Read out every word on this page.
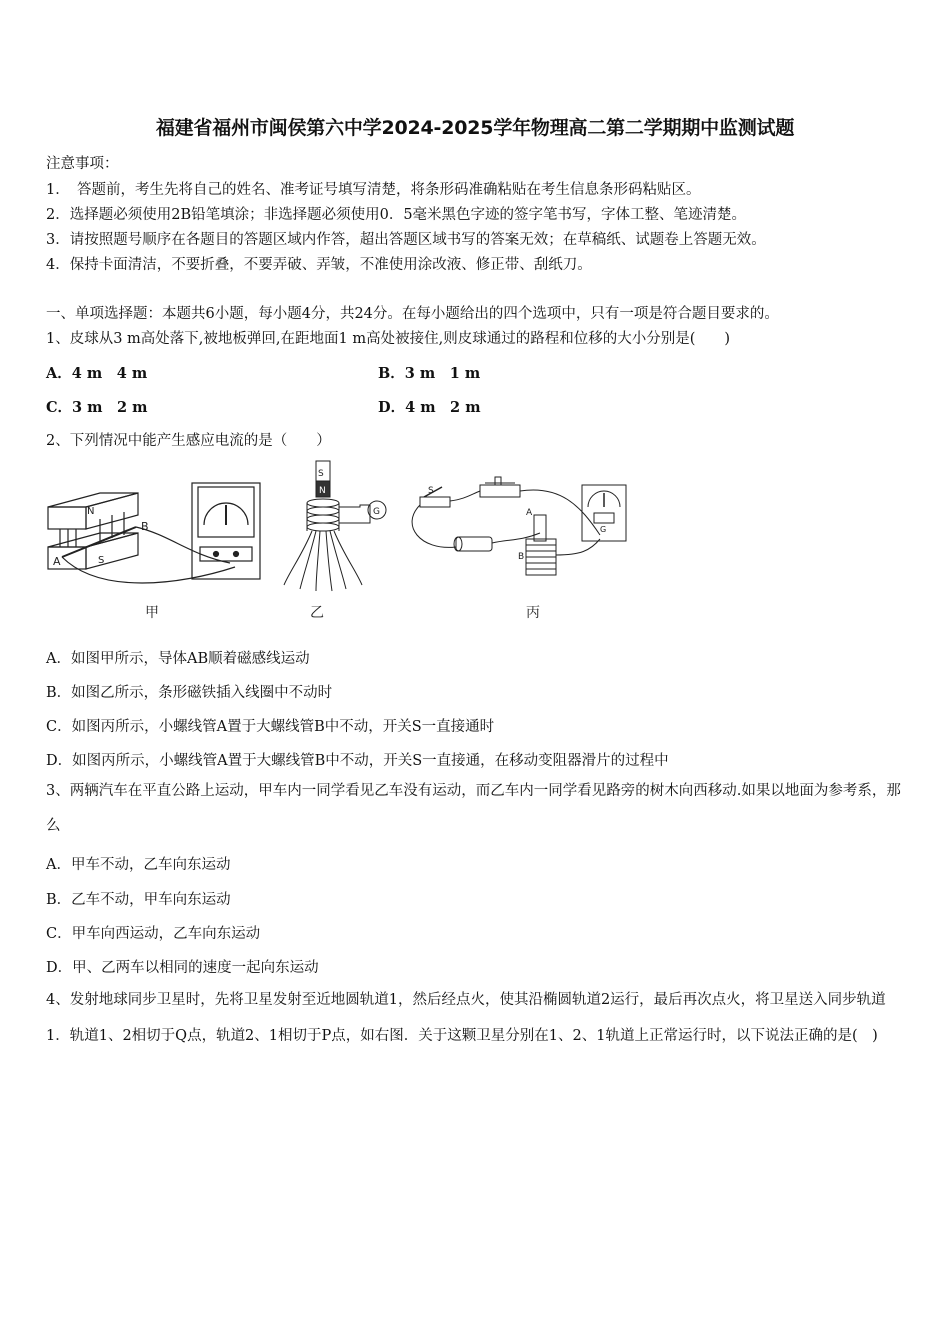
福建省福州市闽侯第六中学2024-2025学年物理高二第二学期期中监测试题
注意事项：
1．　答题前，考生先将自己的姓名、准考证号填写清楚，将条形码准确粘贴在考生信息条形码粘贴区。
2．选择题必须使用2B铅笔填涂；非选择题必须使用0．5毫米黑色字迹的签字笔书写，字体工整、笔迹清楚。
3．请按照题号顺序在各题目的答题区域内作答，超出答题区域书写的答案无效；在草稿纸、试题卷上答题无效。
4．保持卡面清洁，不要折叠，不要弄破、弄皱，不准使用涂改液、修正带、刮纸刀。
一、单项选择题：本题共6小题，每小题4分，共24分。在每小题给出的四个选项中，只有一项是符合题目要求的。
1、皮球从3 m高处落下,被地板弹回,在距地面1 m高处被接住,则皮球通过的路程和位移的大小分别是(　　)
A．4 m　4 m	B．3 m　1 m
C．3 m　2 m	D．4 m　2 m
2、下列情况中能产生感应电流的是（　　）
N
S
A
B
S
N
G
S
A
B
G
甲	乙	丙
A．如图甲所示，导体AB顺着磁感线运动
B．如图乙所示，条形磁铁插入线圈中不动时
C．如图丙所示，小螺线管A置于大螺线管B中不动，开关S一直接通时
D．如图丙所示，小螺线管A置于大螺线管B中不动，开关S一直接通，在移动变阻器滑片的过程中
3、两辆汽车在平直公路上运动，甲车内一同学看见乙车没有运动，而乙车内一同学看见路旁的树木向西移动.如果以地面为参考系，那么
A．甲车不动，乙车向东运动
B．乙车不动，甲车向东运动
C．甲车向西运动，乙车向东运动
D．甲、乙两车以相同的速度一起向东运动
4、发射地球同步卫星时，先将卫星发射至近地圆轨道1，然后经点火，使其沿椭圆轨道2运行，最后再次点火，将卫星送入同步轨道1．轨道1、2相切于Q点，轨道2、1相切于P点，如右图．关于这颗卫星分别在1、2、1轨道上正常运行时，以下说法正确的是(　)
